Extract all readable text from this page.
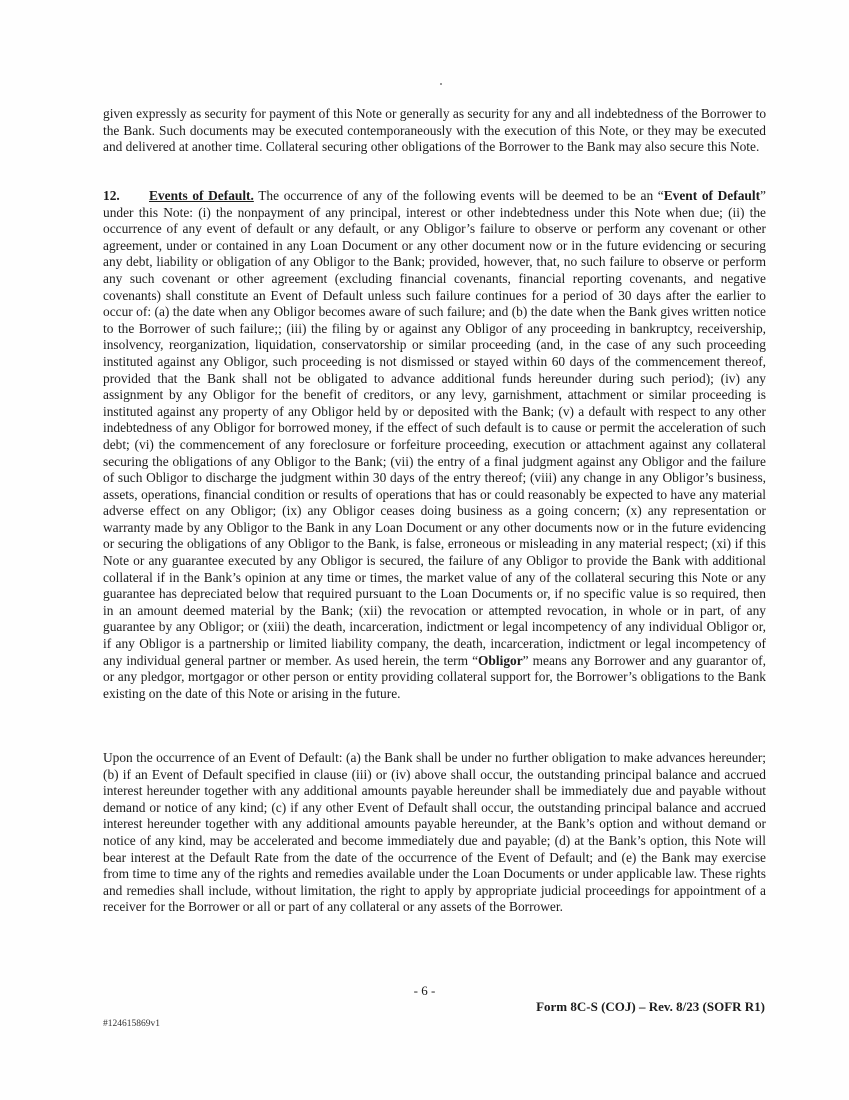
given expressly as security for payment of this Note or generally as security for any and all indebtedness of the Borrower to the Bank. Such documents may be executed contemporaneously with the execution of this Note, or they may be executed and delivered at another time. Collateral securing other obligations of the Borrower to the Bank may also secure this Note.

12. Events of Default. The occurrence of any of the following events will be deemed to be an “Event of Default” under this Note: (i) the nonpayment of any principal, interest or other indebtedness under this Note when due; (ii) the occurrence of any event of default or any default, or any Obligor’s failure to observe or perform any covenant or other agreement, under or contained in any Loan Document or any other document now or in the future evidencing or securing any debt, liability or obligation of any Obligor to the Bank; provided, however, that, no such failure to observe or perform any such covenant or other agreement (excluding financial covenants, financial reporting covenants, and negative covenants) shall constitute an Event of Default unless such failure continues for a period of 30 days after the earlier to occur of: (a) the date when any Obligor becomes aware of such failure; and (b) the date when the Bank gives written notice to the Borrower of such failure;; (iii) the filing by or against any Obligor of any proceeding in bankruptcy, receivership, insolvency, reorganization, liquidation, conservatorship or similar proceeding (and, in the case of any such proceeding instituted against any Obligor, such proceeding is not dismissed or stayed within 60 days of the commencement thereof, provided that the Bank shall not be obligated to advance additional funds hereunder during such period); (iv) any assignment by any Obligor for the benefit of creditors, or any levy, garnishment, attachment or similar proceeding is instituted against any property of any Obligor held by or deposited with the Bank; (v) a default with respect to any other indebtedness of any Obligor for borrowed money, if the effect of such default is to cause or permit the acceleration of such debt; (vi) the commencement of any foreclosure or forfeiture proceeding, execution or attachment against any collateral securing the obligations of any Obligor to the Bank; (vii) the entry of a final judgment against any Obligor and the failure of such Obligor to discharge the judgment within 30 days of the entry thereof; (viii) any change in any Obligor’s business, assets, operations, financial condition or results of operations that has or could reasonably be expected to have any material adverse effect on any Obligor; (ix) any Obligor ceases doing business as a going concern; (x) any representation or warranty made by any Obligor to the Bank in any Loan Document or any other documents now or in the future evidencing or securing the obligations of any Obligor to the Bank, is false, erroneous or misleading in any material respect; (xi) if this Note or any guarantee executed by any Obligor is secured, the failure of any Obligor to provide the Bank with additional collateral if in the Bank’s opinion at any time or times, the market value of any of the collateral securing this Note or any guarantee has depreciated below that required pursuant to the Loan Documents or, if no specific value is so required, then in an amount deemed material by the Bank; (xii) the revocation or attempted revocation, in whole or in part, of any guarantee by any Obligor; or (xiii) the death, incarceration, indictment or legal incompetency of any individual Obligor or, if any Obligor is a partnership or limited liability company, the death, incarceration, indictment or legal incompetency of any individual general partner or member. As used herein, the term “Obligor” means any Borrower and any guarantor of, or any pledgor, mortgagor or other person or entity providing collateral support for, the Borrower’s obligations to the Bank existing on the date of this Note or arising in the future.

Upon the occurrence of an Event of Default: (a) the Bank shall be under no further obligation to make advances hereunder; (b) if an Event of Default specified in clause (iii) or (iv) above shall occur, the outstanding principal balance and accrued interest hereunder together with any additional amounts payable hereunder shall be immediately due and payable without demand or notice of any kind; (c) if any other Event of Default shall occur, the outstanding principal balance and accrued interest hereunder together with any additional amounts payable hereunder, at the Bank’s option and without demand or notice of any kind, may be accelerated and become immediately due and payable; (d) at the Bank’s option, this Note will bear interest at the Default Rate from the date of the occurrence of the Event of Default; and (e) the Bank may exercise from time to time any of the rights and remedies available under the Loan Documents or under applicable law. These rights and remedies shall include, without limitation, the right to apply by appropriate judicial proceedings for appointment of a receiver for the Borrower or all or part of any collateral or any assets of the Borrower.

- 6 -
Form 8C-S (COJ) – Rev. 8/23 (SOFR R1)
#124615869v1
